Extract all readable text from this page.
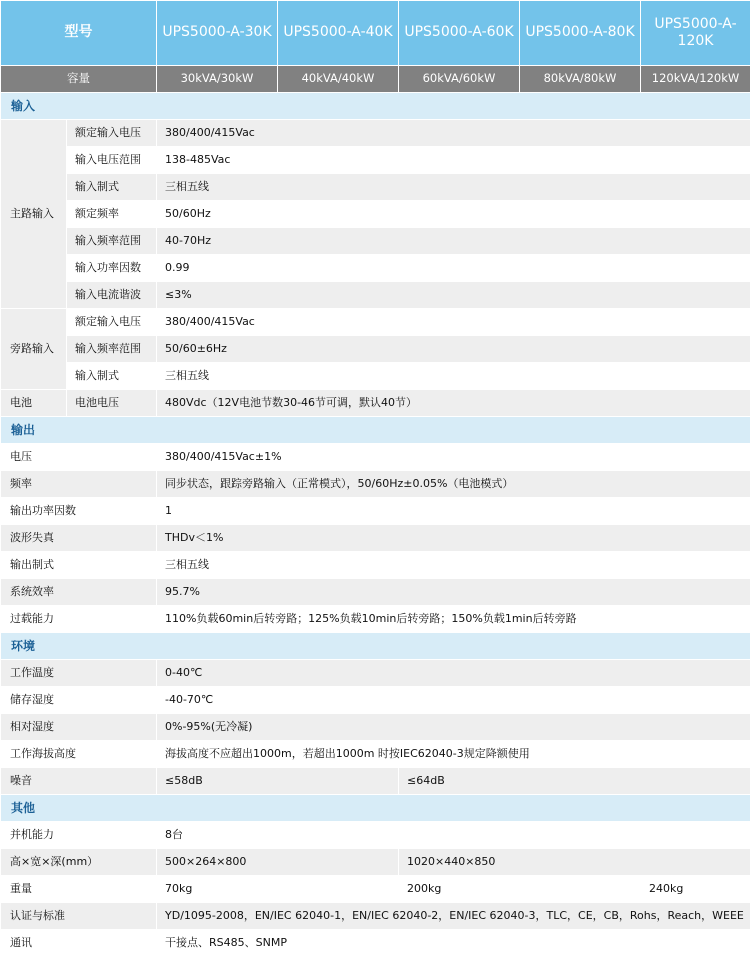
型号		UPS5000-A-30K	UPS5000-A-40K	UPS5000-A-60K	UPS5000-A-80K	UPS5000-A-120K
容量		30kVA/30kW	40kVA/40kW	60kVA/60kW	80kVA/80kW	120kVA/120kW
输入						
主路输入	额定输入电压	380/400/415Vac				
	输入电压范围	138-485Vac				
	输入制式	三相五线				
	额定频率	50/60Hz				
	输入频率范围	40-70Hz				
	输入功率因数	0.99				
	输入电流谐波	≤3%				
旁路输入	额定输入电压	380/400/415Vac				
	输入频率范围	50/60±6Hz				
	输入制式	三相五线				
电池	电池电压	480Vdc（12V电池节数30-46节可调，默认40节）				
输出						
电压		380/400/415Vac±1%				
频率		同步状态，跟踪旁路输入（正常模式），50/60Hz±0.05%（电池模式）				
输出功率因数		1				
波形失真		THDv＜1%				
输出制式		三相五线				
系统效率		95.7%				
过载能力		110%负载60min后转旁路；125%负载10min后转旁路；150%负载1min后转旁路				
环境						
工作温度		0-40℃				
储存湿度		-40-70℃				
相对湿度		0%-95%(无冷凝)				
工作海拔高度		海拔高度不应超出1000m，若超出1000m 时按IEC62040-3规定降额使用				
噪音		≤58dB		≤64dB		
其他						
并机能力		8台				
高×宽×深(mm）		500×264×800		1020×440×850		
重量		70kg		200kg		240kg
认证与标准		YD/1095-2008，EN/IEC 62040-1，EN/IEC 62040-2，EN/IEC 62040-3，TLC，CE，CB，Rohs，Reach，WEEE				
通讯		干接点、RS485、SNMP				
